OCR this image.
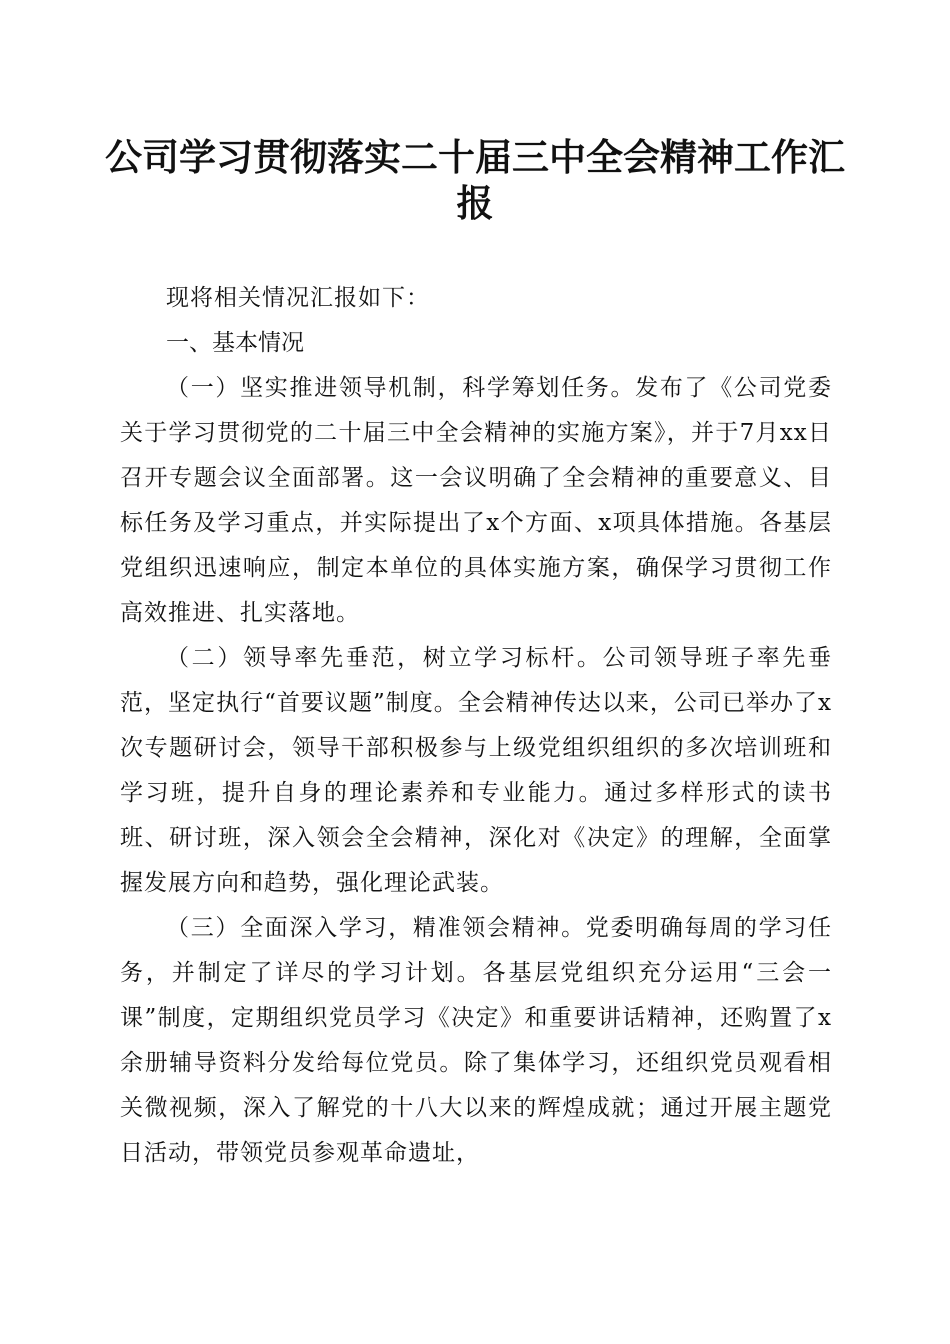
公司学习贯彻落实二十届三中全会精神工作汇报

现将相关情况汇报如下：

一、基本情况

（一）坚实推进领导机制，科学筹划任务。发布了《公司党委关于学习贯彻党的二十届三中全会精神的实施方案》，并于7月xx日召开专题会议全面部署。这一会议明确了全会精神的重要意义、目标任务及学习重点，并实际提出了x个方面、x项具体措施。各基层党组织迅速响应，制定本单位的具体实施方案，确保学习贯彻工作高效推进、扎实落地。

（二）领导率先垂范，树立学习标杆。公司领导班子率先垂范，坚定执行“首要议题”制度。全会精神传达以来，公司已举办了x次专题研讨会，领导干部积极参与上级党组织组织的多次培训班和学习班，提升自身的理论素养和专业能力。通过多样形式的读书班、研讨班，深入领会全会精神，深化对《决定》的理解，全面掌握发展方向和趋势，强化理论武装。

（三）全面深入学习，精准领会精神。党委明确每周的学习任务，并制定了详尽的学习计划。各基层党组织充分运用“三会一课”制度，定期组织党员学习《决定》和重要讲话精神，还购置了x余册辅导资料分发给每位党员。除了集体学习，还组织党员观看相关微视频，深入了解党的十八大以来的辉煌成就；通过开展主题党日活动，带领党员参观革命遗址，
